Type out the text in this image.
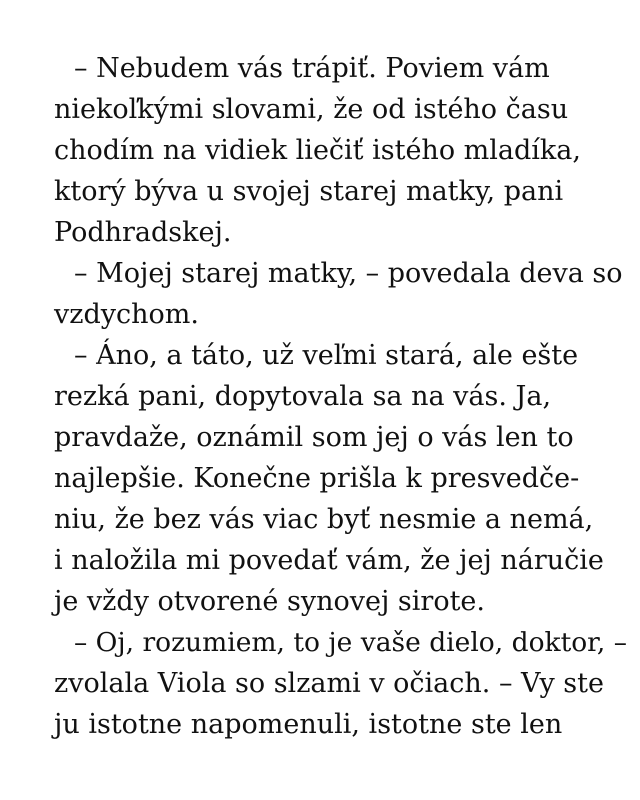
– Nebudem vás trápiť. Poviem vám
niekoľkými slovami, že od istého času
chodím na vidiek liečiť istého mladíka,
ktorý býva u svojej starej matky, pani
Podhradskej.
– Mojej starej matky, – povedala deva so
vzdychom.
– Áno, a táto, už veľmi stará, ale ešte
rezká pani, dopytovala sa na vás. Ja,
pravdaže, oznámil som jej o vás len to
najlepšie. Konečne prišla k presvedče-
niu, že bez vás viac byť nesmie a nemá,
i naložila mi povedať vám, že jej náručie
je vždy otvorené synovej sirote.
– Oj, rozumiem, to je vaše dielo, doktor, –
zvolala Viola so slzami v očiach. – Vy ste
ju istotne napomenuli, istotne ste len
